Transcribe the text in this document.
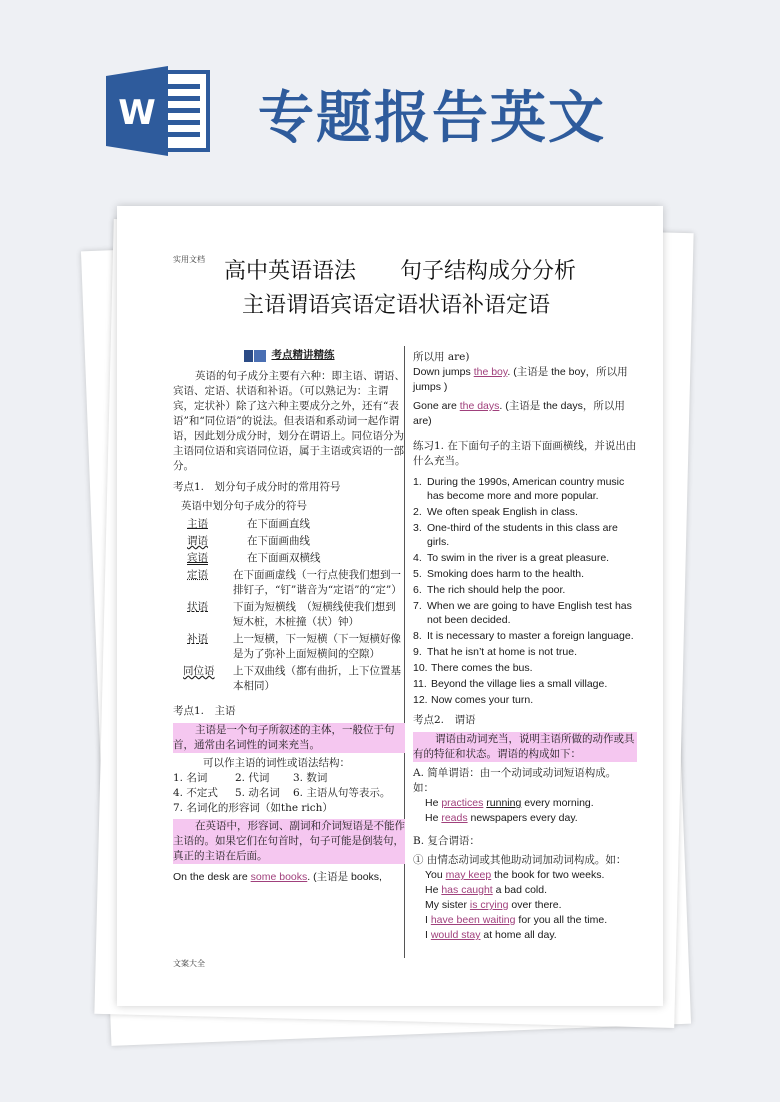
W 专题报告英文
实用文档 高中英语语法　　句子结构成分分析
主语谓语宾语定语状语补语定语
考点精讲精练

英语的句子成分主要有六种：即主语、谓语、宾语、定语、状语和补语。（可以熟记为：主谓宾，定状补）除了这六种主要成分之外，还有“表语”和“同位语”的说法。但表语和系动词一起作谓语，因此划分成分时，划分在谓语上。同位语分为主语同位语和宾语同位语，属于主语或宾语的一部分。

考点1.　划分句子成分时的常用符号

英语中划分句子成分的符号

主语	在下面画直线
谓语	在下面画曲线
宾语	在下面画双横线
定语	在下面画虚线（一行点使我们想到一排钉子，“钉”谐音为“定语”的“定”）
状语	下面为短横线　（短横线使我们想到短木桩，木桩撞（状）钟）
补语	上一短横，下一短横（下一短横好像是为了弥补上面短横间的空隙）
同位语	上下双曲线（都有曲折，上下位置基本相同）

考点1.　主语

主语是一个句子所叙述的主体，一般位于句首，通常由名词性的词来充当。

可以作主语的词性或语法结构：

1. 名词	2. 代词	3. 数词
4. 不定式	5. 动名词	6. 主语从句等表示。

7. 名词化的形容词（如the rich）

在英语中，形容词、副词和介词短语是不能作主语的。如果它们在句首时，句子可能是倒装句，真正的主语在后面。

On the desk are some books. (主语是 books,

所以用 are)

Down jumps the boy. (主语是 the boy，所以用jumps )

Gone are the days. (主语是 the days，所以用are)

练习1. 在下面句子的主语下面画横线，并说出由什么充当。

1. During the 1990s, American country music has become more and more popular.
2. We often speak English in class.
3. One-third of the students in this class are girls.
4. To swim in the river is a great pleasure.
5. Smoking does harm to the health.
6. The rich should help the poor.
7. When we are going to have English test has not been decided.
8. It is necessary to master a foreign language.
9. That he isn’t at home is not true.
10. There comes the bus.
11. Beyond the village lies a small village.
12. Now comes your turn.

考点2.　谓语

谓语由动词充当，说明主语所做的动作或具有的特征和状态。谓语的构成如下：

A. 简单谓语：由一个动词或动词短语构成。如：

He practices running every morning.

He reads newspapers every day.

B. 复合谓语：

① 由情态动词或其他助动词加动词构成。如：

You may keep the book for two weeks.

He has caught a bad cold.

My sister is crying over there.

I have been waiting for you all the time.

I would stay at home all day.

文案大全
